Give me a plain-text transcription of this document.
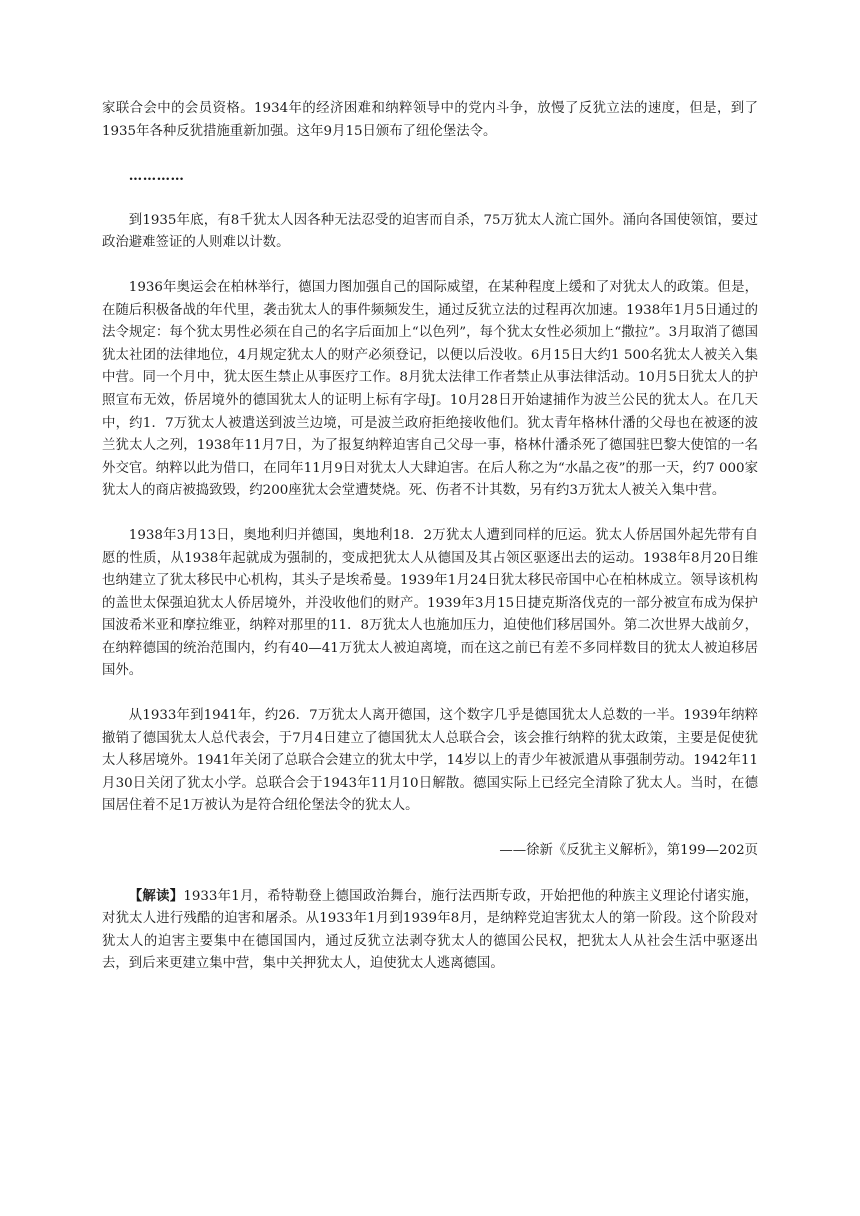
家联合会中的会员资格。1934年的经济困难和纳粹领导中的党内斗争，放慢了反犹立法的速度，但是，到了1935年各种反犹措施重新加强。这年9月15日颁布了纽伦堡法令。

…………

到1935年底，有8千犹太人因各种无法忍受的迫害而自杀，75万犹太人流亡国外。涌向各国使领馆，要过政治避难签证的人则难以计数。

1936年奥运会在柏林举行，德国力图加强自己的国际威望，在某种程度上缓和了对犹太人的政策。但是，在随后积极备战的年代里，袭击犹太人的事件频频发生，通过反犹立法的过程再次加速。1938年1月5日通过的法令规定：每个犹太男性必须在自己的名字后面加上“以色列”，每个犹太女性必须加上“撒拉”。3月取消了德国犹太社团的法律地位，4月规定犹太人的财产必须登记，以便以后没收。6月15日大约1 500名犹太人被关入集中营。同一个月中，犹太医生禁止从事医疗工作。8月犹太法律工作者禁止从事法律活动。10月5日犹太人的护照宣布无效，侨居境外的德国犹太人的证明上标有字母J。10月28日开始逮捕作为波兰公民的犹太人。在几天中，约1．7万犹太人被遣送到波兰边境，可是波兰政府拒绝接收他们。犹太青年格林什潘的父母也在被逐的波兰犹太人之列，1938年11月7日，为了报复纳粹迫害自己父母一事，格林什潘杀死了德国驻巴黎大使馆的一名外交官。纳粹以此为借口，在同年11月9日对犹太人大肆迫害。在后人称之为“水晶之夜”的那一天，约7 000家犹太人的商店被捣致毁，约200座犹太会堂遭焚烧。死、伤者不计其数，另有约3万犹太人被关入集中营。

1938年3月13日，奥地利归并德国，奥地利18．2万犹太人遭到同样的厄运。犹太人侨居国外起先带有自愿的性质，从1938年起就成为强制的，变成把犹太人从德国及其占领区驱逐出去的运动。1938年8月20日维也纳建立了犹太移民中心机构，其头子是埃希曼。1939年1月24日犹太移民帝国中心在柏林成立。领导该机构的盖世太保强迫犹太人侨居境外，并没收他们的财产。1939年3月15日捷克斯洛伐克的一部分被宣布成为保护国波希米亚和摩拉维亚，纳粹对那里的11．8万犹太人也施加压力，迫使他们移居国外。第二次世界大战前夕，在纳粹德国的统治范围内，约有40—41万犹太人被迫离境，而在这之前已有差不多同样数目的犹太人被迫移居国外。

从1933年到1941年，约26．7万犹太人离开德国，这个数字几乎是德国犹太人总数的一半。1939年纳粹撤销了德国犹太人总代表会，于7月4日建立了德国犹太人总联合会，该会推行纳粹的犹太政策，主要是促使犹太人移居境外。1941年关闭了总联合会建立的犹太中学，14岁以上的青少年被派遣从事强制劳动。1942年11月30日关闭了犹太小学。总联合会于1943年11月10日解散。德国实际上已经完全清除了犹太人。当时，在德国居住着不足1万被认为是符合纽伦堡法令的犹太人。

——徐新《反犹主义解析》，第199—202页

【解读】1933年1月，希特勒登上德国政治舞台，施行法西斯专政，开始把他的种族主义理论付诸实施，对犹太人进行残酷的迫害和屠杀。从1933年1月到1939年8月，是纳粹党迫害犹太人的第一阶段。这个阶段对犹太人的迫害主要集中在德国国内，通过反犹立法剥夺犹太人的德国公民权，把犹太人从社会生活中驱逐出去，到后来更建立集中营，集中关押犹太人，迫使犹太人逃离德国。
